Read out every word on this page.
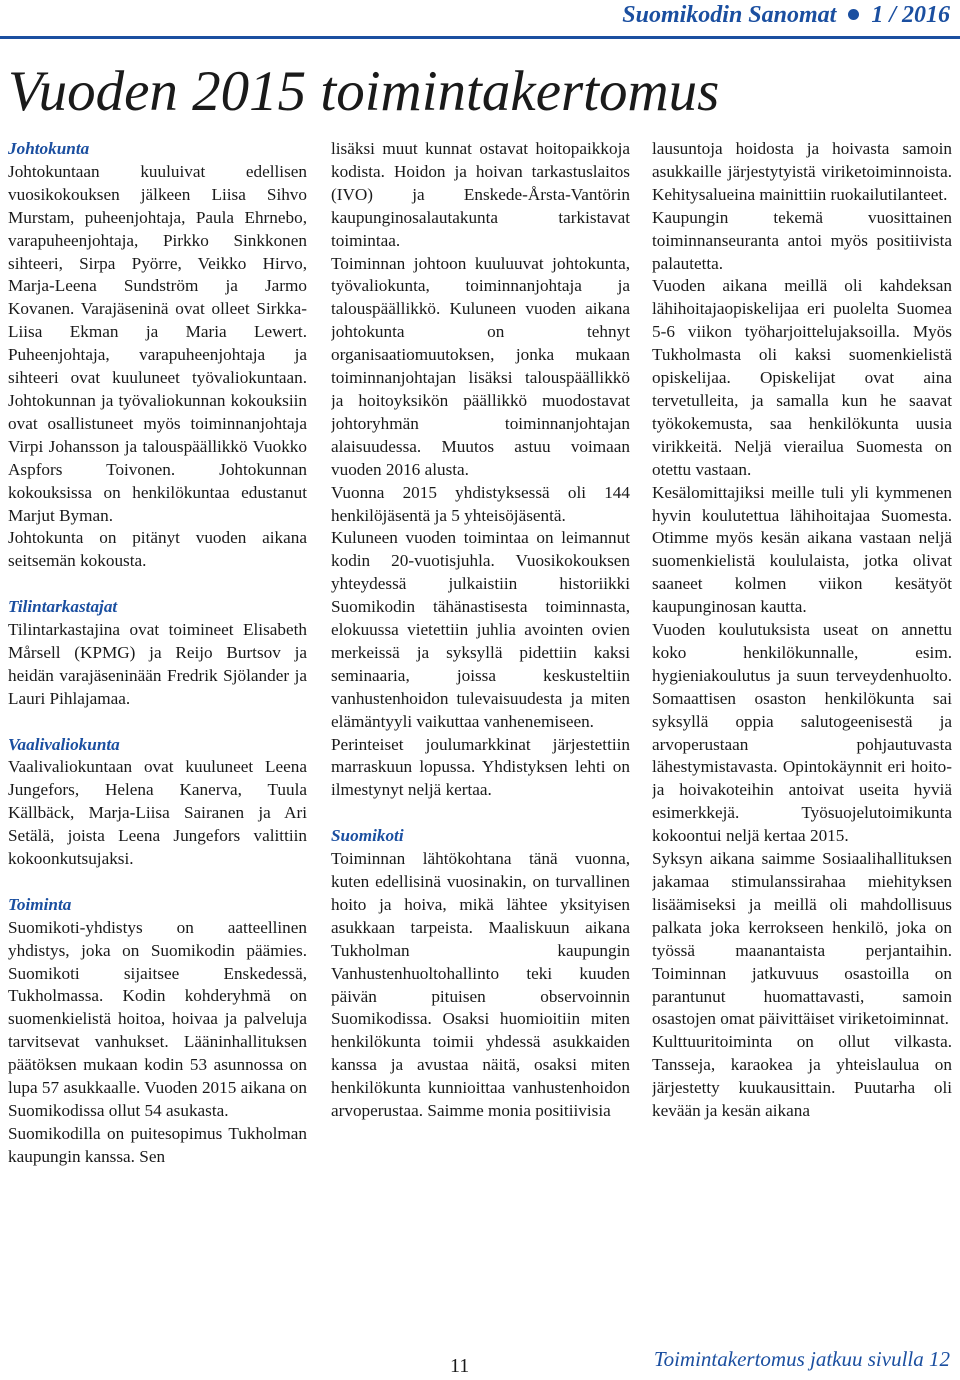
Suomikodin Sanomat 1 / 2016
Vuoden 2015 toimintakertomus
Johtokunta

Johtokuntaan kuuluivat edellisen vuosikokouksen jälkeen Liisa Sihvo Murstam, puheenjohtaja, Paula Ehrnebo, varapuheenjohtaja, Pirkko Sinkkonen sihteeri, Sirpa Pyörre, Veikko Hirvo, Marja-Leena Sundström ja Jarmo Kovanen. Varajäseninä ovat olleet Sirkka-Liisa Ekman ja Maria Lewert. Puheenjohtaja, varapuheenjohtaja ja sihteeri ovat kuuluneet työvaliokuntaan. Johtokunnan ja työvaliokunnan kokouksiin ovat osallistuneet myös toiminnanjohtaja Virpi Johansson ja talouspäällikkö Vuokko Aspfors Toivonen. Johtokunnan kokouksissa on henkilökuntaa edustanut Marjut Byman.

Johtokunta on pitänyt vuoden aikana seitsemän kokousta.

Tilintarkastajat

Tilintarkastajina ovat toimineet Elisabeth Mårsell (KPMG) ja Reijo Burtsov ja heidän varajäseninään Fredrik Sjölander ja Lauri Pihlajamaa.

Vaalivaliokunta

Vaalivaliokuntaan ovat kuuluneet Leena Jungefors, Helena Kanerva, Tuula Källbäck, Marja-Liisa Sairanen ja Ari Setälä, joista Leena Jungefors valittiin kokoonkutsujaksi.

Toiminta

Suomikoti-yhdistys on aatteellinen yhdistys, joka on Suomikodin päämies. Suomikoti sijaitsee Enskedessä, Tukholmassa. Kodin kohderyhmä on suomenkielistä hoitoa, hoivaa ja palveluja tarvitsevat vanhukset. Lääninhallituksen päätöksen mukaan kodin 53 asunnossa on lupa 57 asukkaalle. Vuoden 2015 aikana on Suomikodissa ollut 54 asukasta.

Suomikodilla on puitesopimus Tukholman kaupungin kanssa. Sen

lisäksi muut kunnat ostavat hoitopaikkoja kodista. Hoidon ja hoivan tarkastuslaitos (IVO) ja Enskede-Årsta-Vantörin kaupunginosalautakunta tarkistavat toimintaa.

Toiminnan johtoon kuuluuvat johtokunta, työvaliokunta, toiminnanjohtaja ja talouspäällikkö. Kuluneen vuoden aikana johtokunta on tehnyt organisaatiomuutoksen, jonka mukaan toiminnanjohtajan lisäksi talouspäällikkö ja hoitoyksikön päällikkö muodostavat johtoryhmän toiminnanjohtajan alaisuudessa. Muutos astuu voimaan vuoden 2016 alusta.

Vuonna 2015 yhdistyksessä oli 144 henkilöjäsentä ja 5 yhteisöjäsentä.

Kuluneen vuoden toimintaa on leimannut kodin 20-vuotisjuhla. Vuosikokouksen yhteydessä julkaistiin historiikki Suomikodin tähänastisesta toiminnasta, elokuussa vietettiin juhlia avointen ovien merkeissä ja syksyllä pidettiin kaksi seminaaria, joissa keskusteltiin vanhustenhoidon tulevaisuudesta ja miten elämäntyyli vaikuttaa vanhenemiseen.

Perinteiset joulumarkkinat järjestettiin marraskuun lopussa. Yhdistyksen lehti on ilmestynyt neljä kertaa.

Suomikoti

Toiminnan lähtökohtana tänä vuonna, kuten edellisinä vuosinakin, on turvallinen hoito ja hoiva, mikä lähtee yksityisen asukkaan tarpeista. Maaliskuun aikana Tukholman kaupungin Vanhustenhuoltohallinto teki kuuden päivän pituisen observoinnin Suomikodissa. Osaksi huomioitiin miten henkilökunta toimii yhdessä asukkaiden kanssa ja avustaa näitä, osaksi miten henkilökunta kunnioittaa vanhustenhoidon arvoperustaa. Saimme monia positiivisia

lausuntoja hoidosta ja hoivasta samoin asukkaille järjestytyistä viriketoiminnoista. Kehitysalueina mainittiin ruokailutilanteet.

Kaupungin tekemä vuosittainen toiminnanseuranta antoi myös positiivista palautetta.

Vuoden aikana meillä oli kahdeksan lähihoitajaopiskelijaa eri puolelta Suomea 5-6 viikon työharjoittelujaksoilla. Myös Tukholmasta oli kaksi suomenkielistä opiskelijaa. Opiskelijat ovat aina tervetulleita, ja samalla kun he saavat työkokemusta, saa henkilökunta uusia virikkeitä. Neljä vierailua Suomesta on otettu vastaan.

Kesälomittajiksi meille tuli yli kymmenen hyvin koulutettua lähihoitajaa Suomesta. Otimme myös kesän aikana vastaan neljä suomenkielistä koululaista, jotka olivat saaneet kolmen viikon kesätyöt kaupunginosan kautta.

Vuoden koulutuksista useat on annettu koko henkilökunnalle, esim. hygieniakoulutus ja suun terveydenhuolto. Somaattisen osaston henkilökunta sai syksyllä oppia salutogeenisestä ja arvoperustaan pohjautuvasta lähestymistavasta. Opintokäynnit eri hoito- ja hoivakoteihin antoivat useita hyviä esimerkkejä. Työsuojelutoimikunta kokoontui neljä kertaa 2015.

Syksyn aikana saimme Sosiaalihallituksen jakamaa stimulanssirahaa miehityksen lisäämiseksi ja meillä oli mahdollisuus palkata joka kerrokseen henkilö, joka on työssä maanantaista perjantaihin. Toiminnan jatkuvuus osastoilla on parantunut huomattavasti, samoin osastojen omat päivittäiset viriketoiminnat.

Kulttuuritoiminta on ollut vilkasta. Tansseja, karaokea ja yhteislaulua on järjestetty kuukausittain. Puutarha oli kevään ja kesän aikana

11	Toimintakertomus jatkuu sivulla 12
